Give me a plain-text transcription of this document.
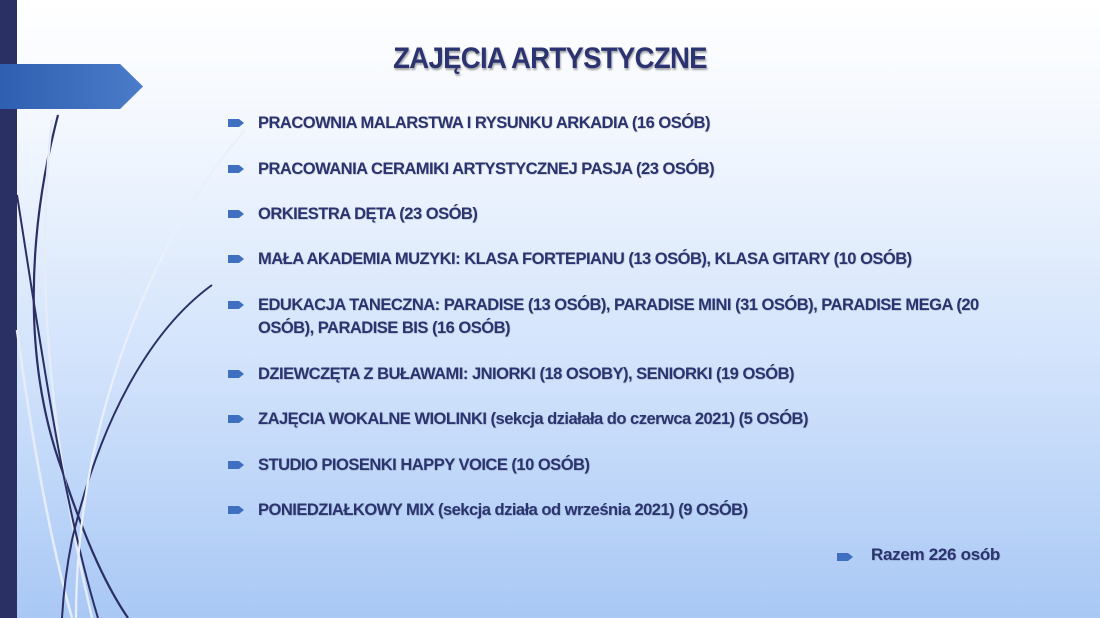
ZAJĘCIA ARTYSTYCZNE
PRACOWNIA MALARSTWA I RYSUNKU ARKADIA (16 OSÓB)
PRACOWANIA CERAMIKI ARTYSTYCZNEJ PASJA (23 OSÓB)
ORKIESTRA DĘTA (23 OSÓB)
MAŁA AKADEMIA MUZYKI: KLASA FORTEPIANU (13 OSÓB), KLASA GITARY (10 OSÓB)
EDUKACJA TANECZNA: PARADISE (13 OSÓB), PARADISE MINI (31 OSÓB), PARADISE MEGA (20 OSÓB), PARADISE BIS (16 OSÓB)
DZIEWCZĘTA Z BUŁAWAMI: JNIORKI (18 OSOBY), SENIORKI (19 OSÓB)
ZAJĘCIA WOKALNE WIOLINKI (sekcja działała do czerwca 2021) (5 OSÓB)
STUDIO PIOSENKI HAPPY VOICE (10 OSÓB)
PONIEDZIAŁKOWY MIX (sekcja działa od września 2021) (9 OSÓB)
Razem 226 osób
